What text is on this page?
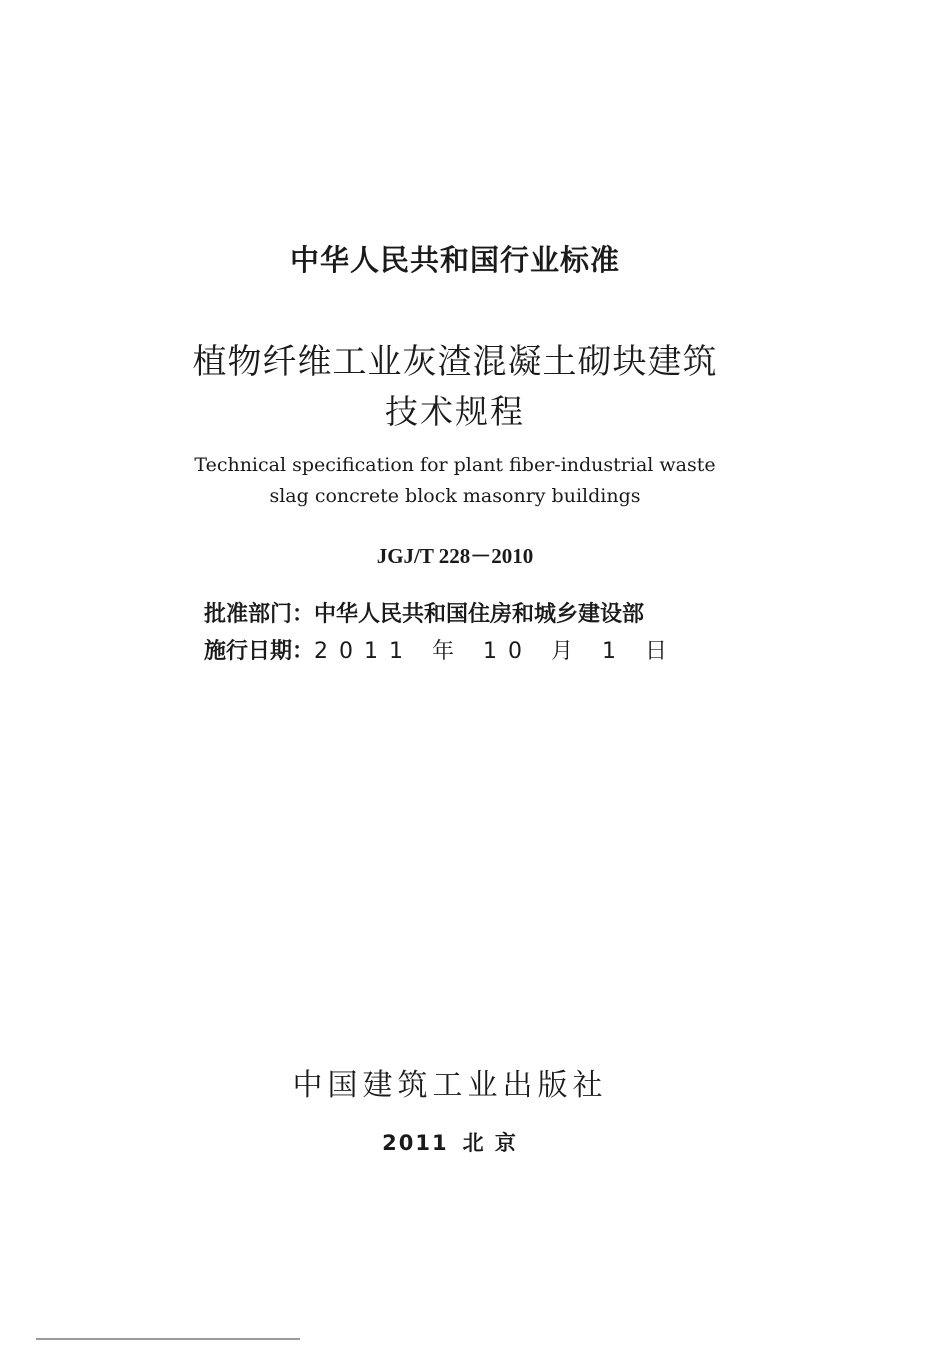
中华人民共和国行业标准
植物纤维工业灰渣混凝土砌块建筑
技术规程
Technical specification for plant fiber-industrial waste
slag concrete block masonry buildings
JGJ/T 228－2010
批准部门：中华人民共和国住房和城乡建设部
施行日期：2011 年 10 月 1 日
中国建筑工业出版社
2011 北 京
